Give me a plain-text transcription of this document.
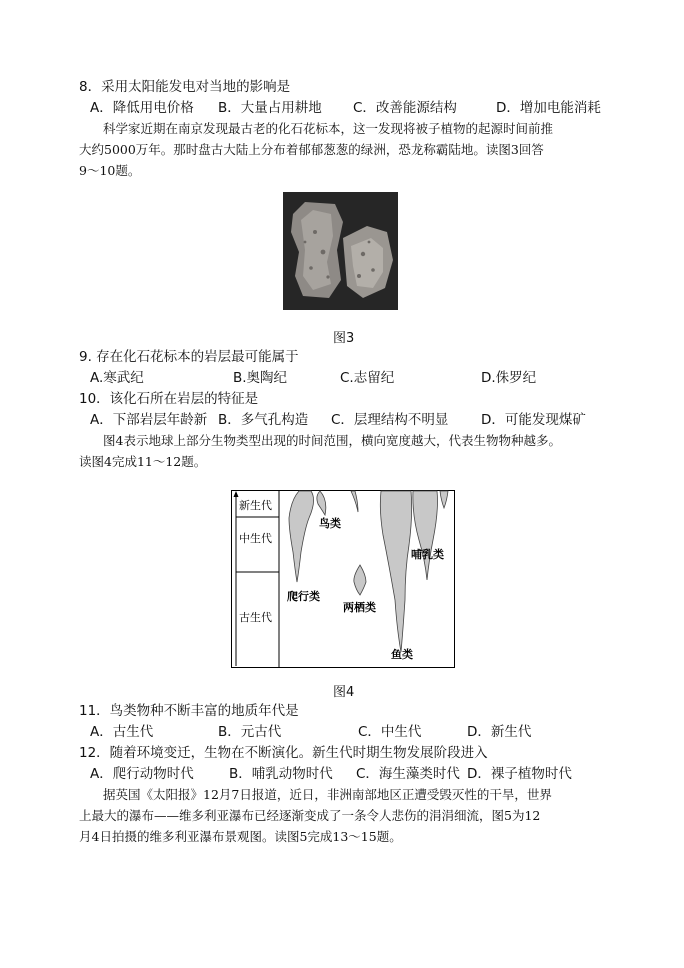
8．采用太阳能发电对当地的影响是
A．降低用电价格 B．大量占用耕地 C．改善能源结构	D．增加电能消耗
科学家近期在南京发现最古老的化石花标本，这一发现将被子植物的起源时间前推
大约5000万年。那时盘古大陆上分布着郁郁葱葱的绿洲，恐龙称霸陆地。读图3回答
9～10题。
图3
9. 存在化石花标本的岩层最可能属于
A.寒武纪	B.奥陶纪	C.志留纪	D.侏罗纪
10．该化石所在岩层的特征是
A．下部岩层年龄新 B．多气孔构造 C．层理结构不明显 D．可能发现煤矿
图4表示地球上部分生物类型出现的时间范围，横向宽度越大，代表生物物种越多。
读图4完成11～12题。
新生代
中生代
古生代
鸟类
哺乳类
爬行类
两栖类
鱼类
图4
11．鸟类物种不断丰富的地质年代是
A．古生代	B．元古代	C．中生代	D．新生代
12．随着环境变迁，生物在不断演化。新生代时期生物发展阶段进入
A．爬行动物时代	B．哺乳动物时代 C．海生藻类时代 D．裸子植物时代
据英国《太阳报》12月7日报道，近日，非洲南部地区正遭受毁灭性的干旱，世界
上最大的瀑布——维多利亚瀑布已经逐渐变成了一条令人悲伤的涓涓细流，图5为12
月4日拍摄的维多利亚瀑布景观图。读图5完成13～15题。
